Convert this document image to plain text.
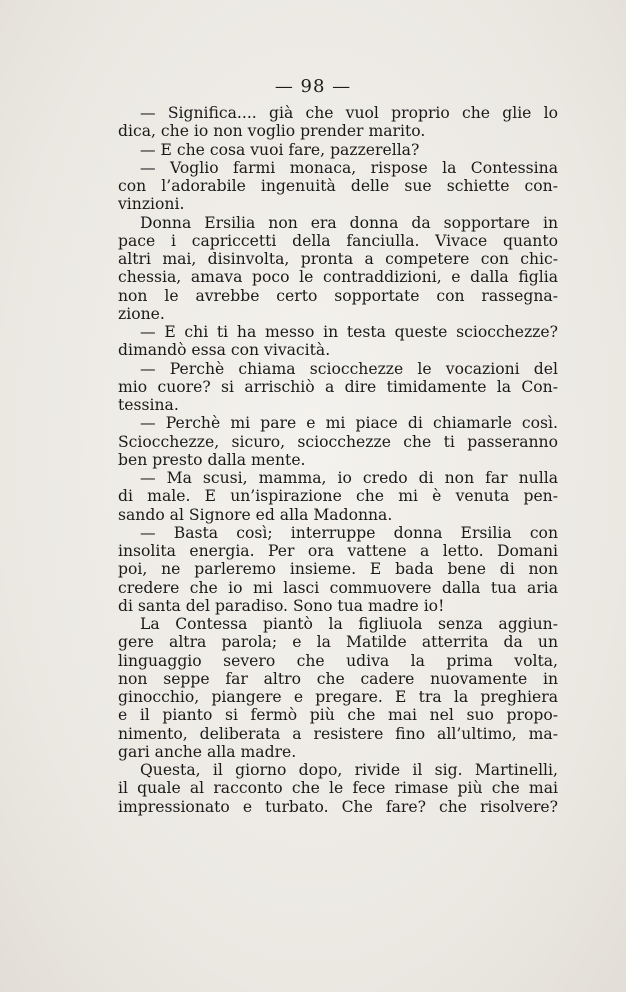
— 98 —
— Significa.... già che vuol proprio che glie lo
dica, che io non voglio prender marito.
— E che cosa vuoi fare, pazzerella?
— Voglio farmi monaca, rispose la Contessina
con l’adorabile ingenuità delle sue schiette con-
vinzioni.
Donna Ersilia non era donna da sopportare in
pace i capriccetti della fanciulla. Vivace quanto
altri mai, disinvolta, pronta a competere con chic-
chessia, amava poco le contraddizioni, e dalla figlia
non le avrebbe certo sopportate con rassegna-
zione.
— E chi ti ha messo in testa queste sciocchezze?
dimandò essa con vivacità.
— Perchè chiama sciocchezze le vocazioni del
mio cuore? si arrischiò a dire timidamente la Con-
tessina.
— Perchè mi pare e mi piace di chiamarle così.
Sciocchezze, sicuro, sciocchezze che ti passeranno
ben presto dalla mente.
— Ma scusi, mamma, io credo di non far nulla
di male. E un’ispirazione che mi è venuta pen-
sando al Signore ed alla Madonna.
— Basta così; interruppe donna Ersilia con
insolita energia. Per ora vattene a letto. Domani
poi, ne parleremo insieme. E bada bene di non
credere che io mi lasci commuovere dalla tua aria
di santa del paradiso. Sono tua madre io!
La Contessa piantò la figliuola senza aggiun-
gere altra parola; e la Matilde atterrita da un
linguaggio severo che udiva la prima volta,
non seppe far altro che cadere nuovamente in
ginocchio, piangere e pregare. E tra la preghiera
e il pianto si fermò più che mai nel suo propo-
nimento, deliberata a resistere fino all’ultimo, ma-
gari anche alla madre.
Questa, il giorno dopo, rivide il sig. Martinelli,
il quale al racconto che le fece rimase più che mai
impressionato e turbato. Che fare? che risolvere?
